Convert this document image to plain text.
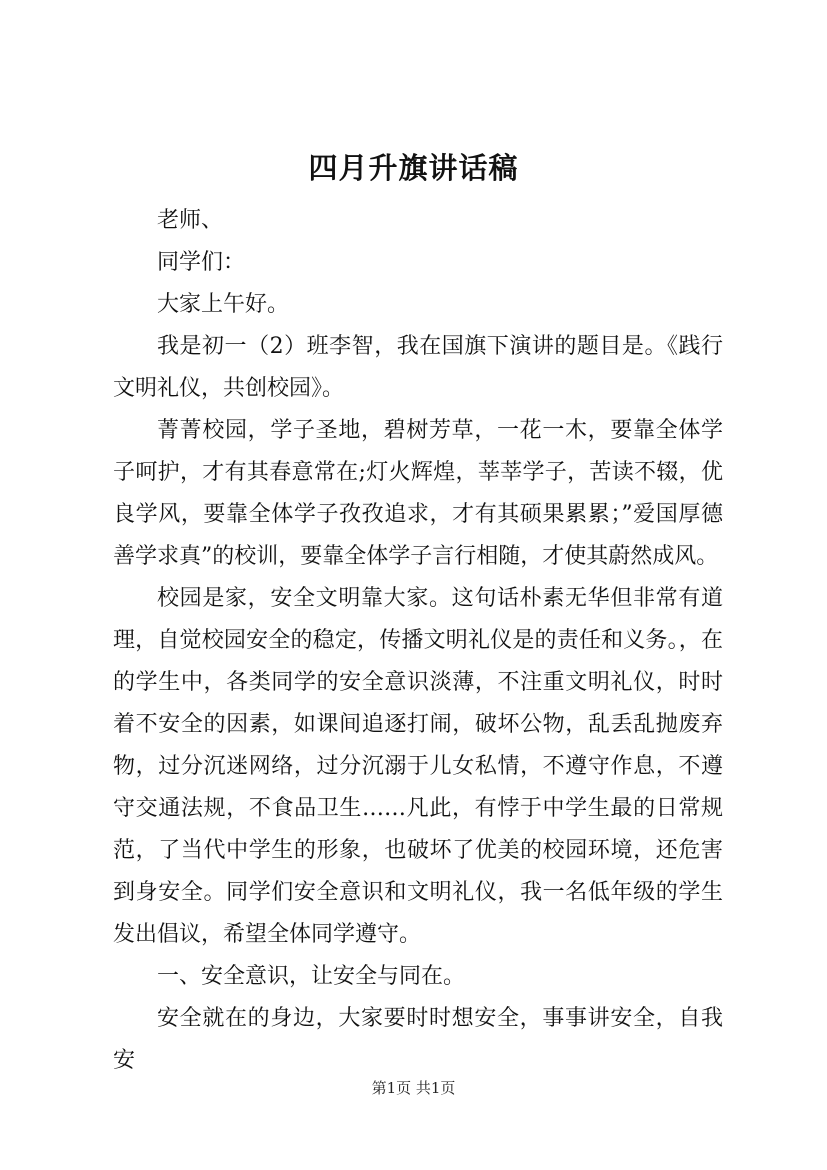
四月升旗讲话稿

老师、

同学们：

大家上午好。

我是初一（2）班李智，我在国旗下演讲的题目是。《践行文明礼仪，共创校园》。

菁菁校园，学子圣地，碧树芳草，一花一木，要靠全体学子呵护，才有其春意常在;灯火辉煌，莘莘学子，苦读不辍，优良学风，要靠全体学子孜孜追求，才有其硕果累累；”爱国厚德善学求真”的校训，要靠全体学子言行相随，才使其蔚然成风。

校园是家，安全文明靠大家。这句话朴素无华但非常有道理，自觉校园安全的稳定，传播文明礼仪是的责任和义务。，在的学生中，各类同学的安全意识淡薄，不注重文明礼仪，时时着不安全的因素，如课间追逐打闹，破坏公物，乱丢乱抛废弃物，过分沉迷网络，过分沉溺于儿女私情，不遵守作息，不遵守交通法规，不食品卫生……凡此，有悖于中学生最的日常规范，了当代中学生的形象，也破坏了优美的校园环境，还危害到身安全。同学们安全意识和文明礼仪，我一名低年级的学生发出倡议，希望全体同学遵守。

一、安全意识，让安全与同在。

安全就在的身边，大家要时时想安全，事事讲安全，自我安

第1页 共1页
